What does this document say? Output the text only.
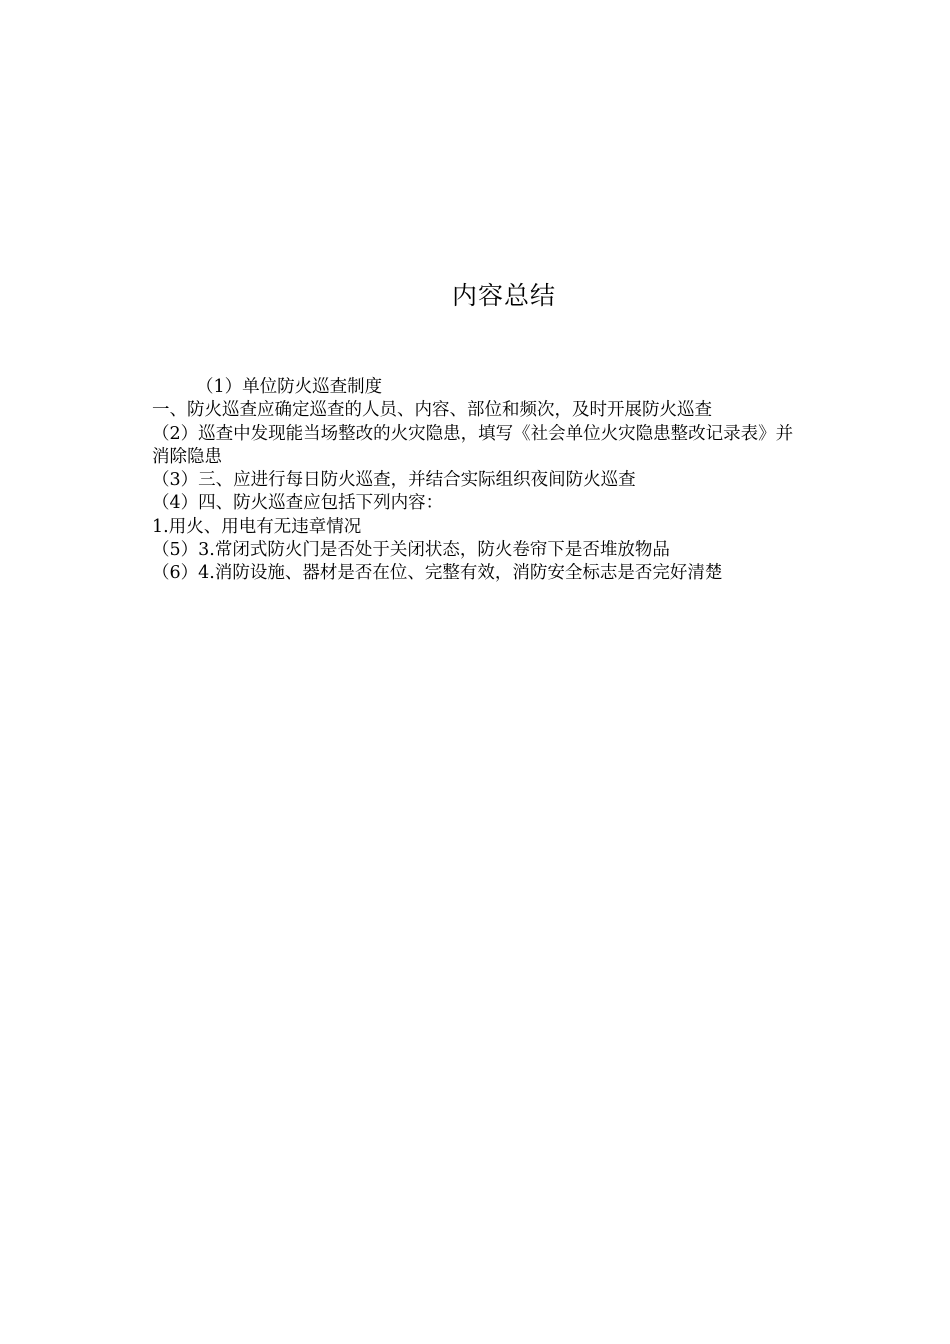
内容总结

（1）单位防火巡查制度

一、防火巡查应确定巡查的人员、内容、部位和频次，及时开展防火巡查

（2）巡查中发现能当场整改的火灾隐患，填写《社会单位火灾隐患整改记录表》并消除隐患

（3）三、应进行每日防火巡查，并结合实际组织夜间防火巡查

（4）四、防火巡查应包括下列内容：

1.用火、用电有无违章情况

（5）3.常闭式防火门是否处于关闭状态，防火卷帘下是否堆放物品

（6）4.消防设施、器材是否在位、完整有效，消防安全标志是否完好清楚
